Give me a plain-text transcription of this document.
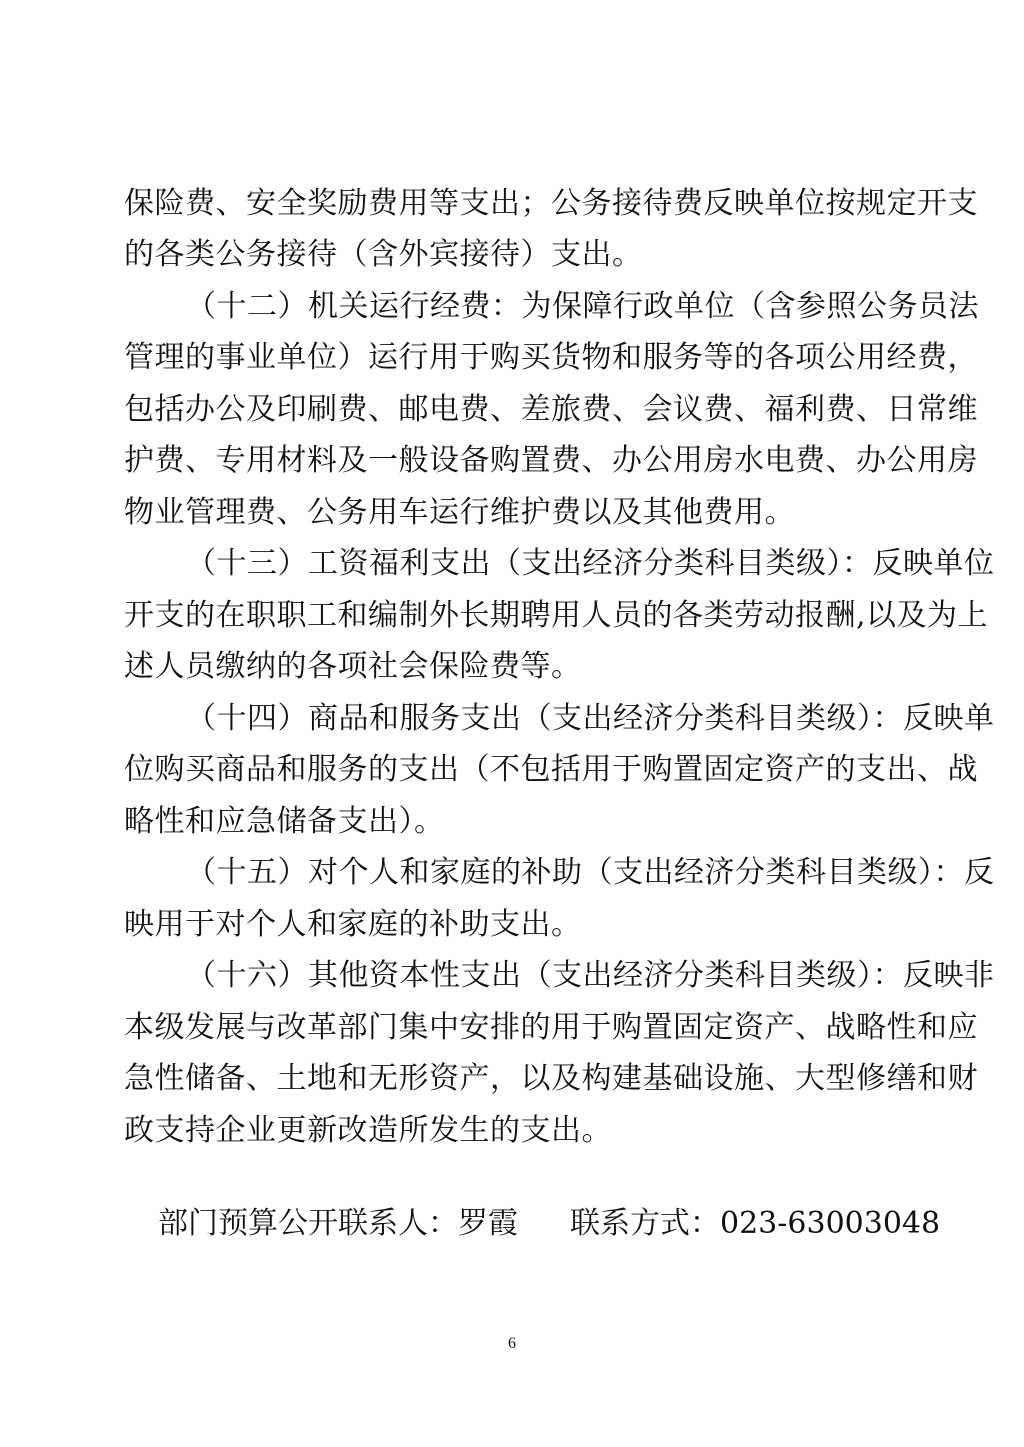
保险费、安全奖励费用等支出；公务接待费反映单位按规定开支
的各类公务接待（含外宾接待）支出。
（十二）机关运行经费：为保障行政单位（含参照公务员法
管理的事业单位）运行用于购买货物和服务等的各项公用经费，
包括办公及印刷费、邮电费、差旅费、会议费、福利费、日常维
护费、专用材料及一般设备购置费、办公用房水电费、办公用房
物业管理费、公务用车运行维护费以及其他费用。
（十三）工资福利支出（支出经济分类科目类级）：反映单位
开支的在职职工和编制外长期聘用人员的各类劳动报酬,以及为上
述人员缴纳的各项社会保险费等。
（十四）商品和服务支出（支出经济分类科目类级）：反映单
位购买商品和服务的支出（不包括用于购置固定资产的支出、战
略性和应急储备支出）。
（十五）对个人和家庭的补助（支出经济分类科目类级）：反
映用于对个人和家庭的补助支出。
（十六）其他资本性支出（支出经济分类科目类级）：反映非
本级发展与改革部门集中安排的用于购置固定资产、战略性和应
急性储备、土地和无形资产，以及构建基础设施、大型修缮和财
政支持企业更新改造所发生的支出。
部门预算公开联系人：罗霞 联系方式：023-63003048
6
